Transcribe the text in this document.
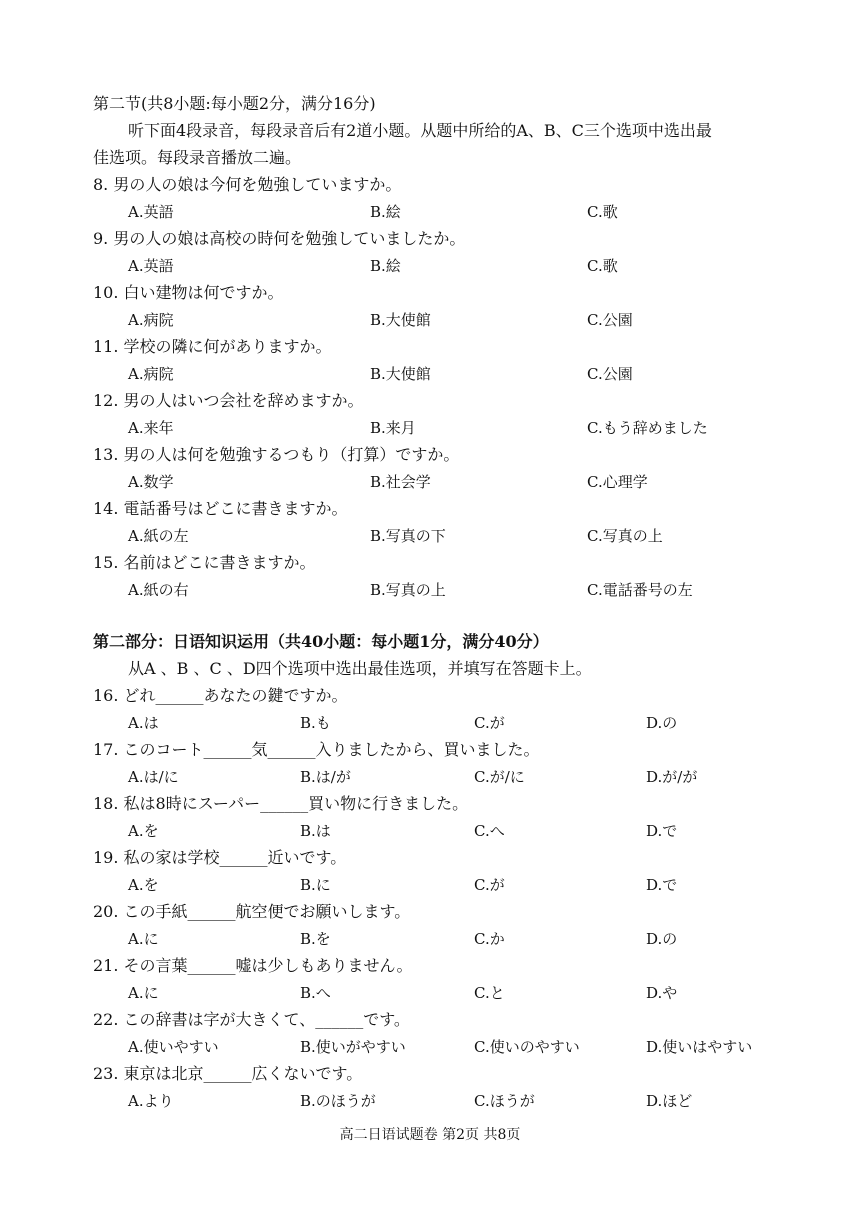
第二节(共8小题:每小题2分，满分16分)
听下面4段录音，每段录音后有2道小题。从题中所给的A、B、C三个选项中选出最
佳选项。每段录音播放二遍。
8. 男の人の娘は今何を勉強していますか。
A.英語	B.絵	C.歌
9. 男の人の娘は高校の時何を勉強していましたか。
A.英語	B.絵	C.歌
10. 白い建物は何ですか。
A.病院	B.大使館	C.公園
11. 学校の隣に何がありますか。
A.病院	B.大使館	C.公園
12. 男の人はいつ会社を辞めますか。
A.来年	B.来月	C.もう辞めました
13. 男の人は何を勉強するつもり（打算）ですか。
A.数学	B.社会学	C.心理学
14. 電話番号はどこに書きますか。
A.紙の左	B.写真の下	C.写真の上
15. 名前はどこに書きますか。
A.紙の右	B.写真の上	C.電話番号の左
第二部分：日语知识运用（共40小题：每小题1分，满分40分）
从A 、B 、C 、D四个选项中选出最佳选项，并填写在答题卡上。
16. どれ______あなたの鍵ですか。
A.は	B.も	C.が	D.の
17. このコート______気______入りましたから、買いました。
A.は/に	B.は/が	C.が/に	D.が/が
18. 私は8時にスーパー______買い物に行きました。
A.を	B.は	C.へ	D.で
19. 私の家は学校______近いです。
A.を	B.に	C.が	D.で
20. この手紙______航空便でお願いします。
A.に	B.を	C.か	D.の
21. その言葉______嘘は少しもありません。
A.に	B.へ	C.と	D.や
22. この辞書は字が大きくて、______です。
A.使いやすい	B.使いがやすい	C.使いのやすい	D.使いはやすい
23. 東京は北京______広くないです。
A.より	B.のほうが	C.ほうが	D.ほど
高二日语试题卷 第2页 共8页
